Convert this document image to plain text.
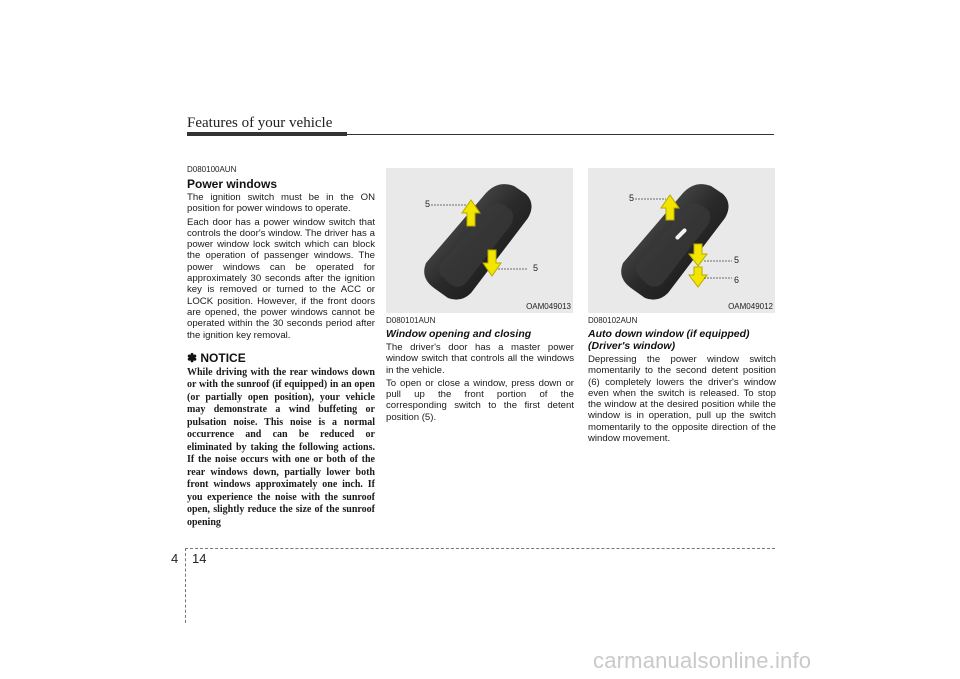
Features of your vehicle

D080100AUN

Power windows

The ignition switch must be in the ON position for power windows to operate.

Each door has a power window switch that controls the door's window. The driver has a power window lock switch which can block the operation of passenger windows. The power windows can be operated for approximately 30 seconds after the ignition key is removed or turned to the ACC or LOCK position. However, if the front doors are opened, the power windows cannot be operated within the 30 seconds period after the ignition key removal.

✽ NOTICE

While driving with the rear windows down or with the sunroof (if equipped) in an open (or partially open position), your vehicle may demonstrate a wind buffeting or pulsation noise. This noise is a normal occurrence and can be reduced or eliminated by taking the following actions. If the noise occurs with one or both of the rear windows down, partially lower both front windows approximately one inch. If you experience the noise with the sunroof open, slightly reduce the size of the sunroof opening

5
5
OAM049013
5
5
6
OAM049012

D080101AUN

Window opening and closing

The driver's door has a master power window switch that controls all the windows in the vehicle.

To open or close a window, press down or pull up the front portion of the corresponding switch to the first detent position (5).

D080102AUN

Auto down window (if equipped) (Driver's window)

Depressing the power window switch momentarily to the second detent position (6) completely lowers the driver's window even when the switch is released. To stop the window at the desired position while the window is in operation, pull up the switch momentarily to the opposite direction of the window movement.

4 14
carmanualsonline.info
